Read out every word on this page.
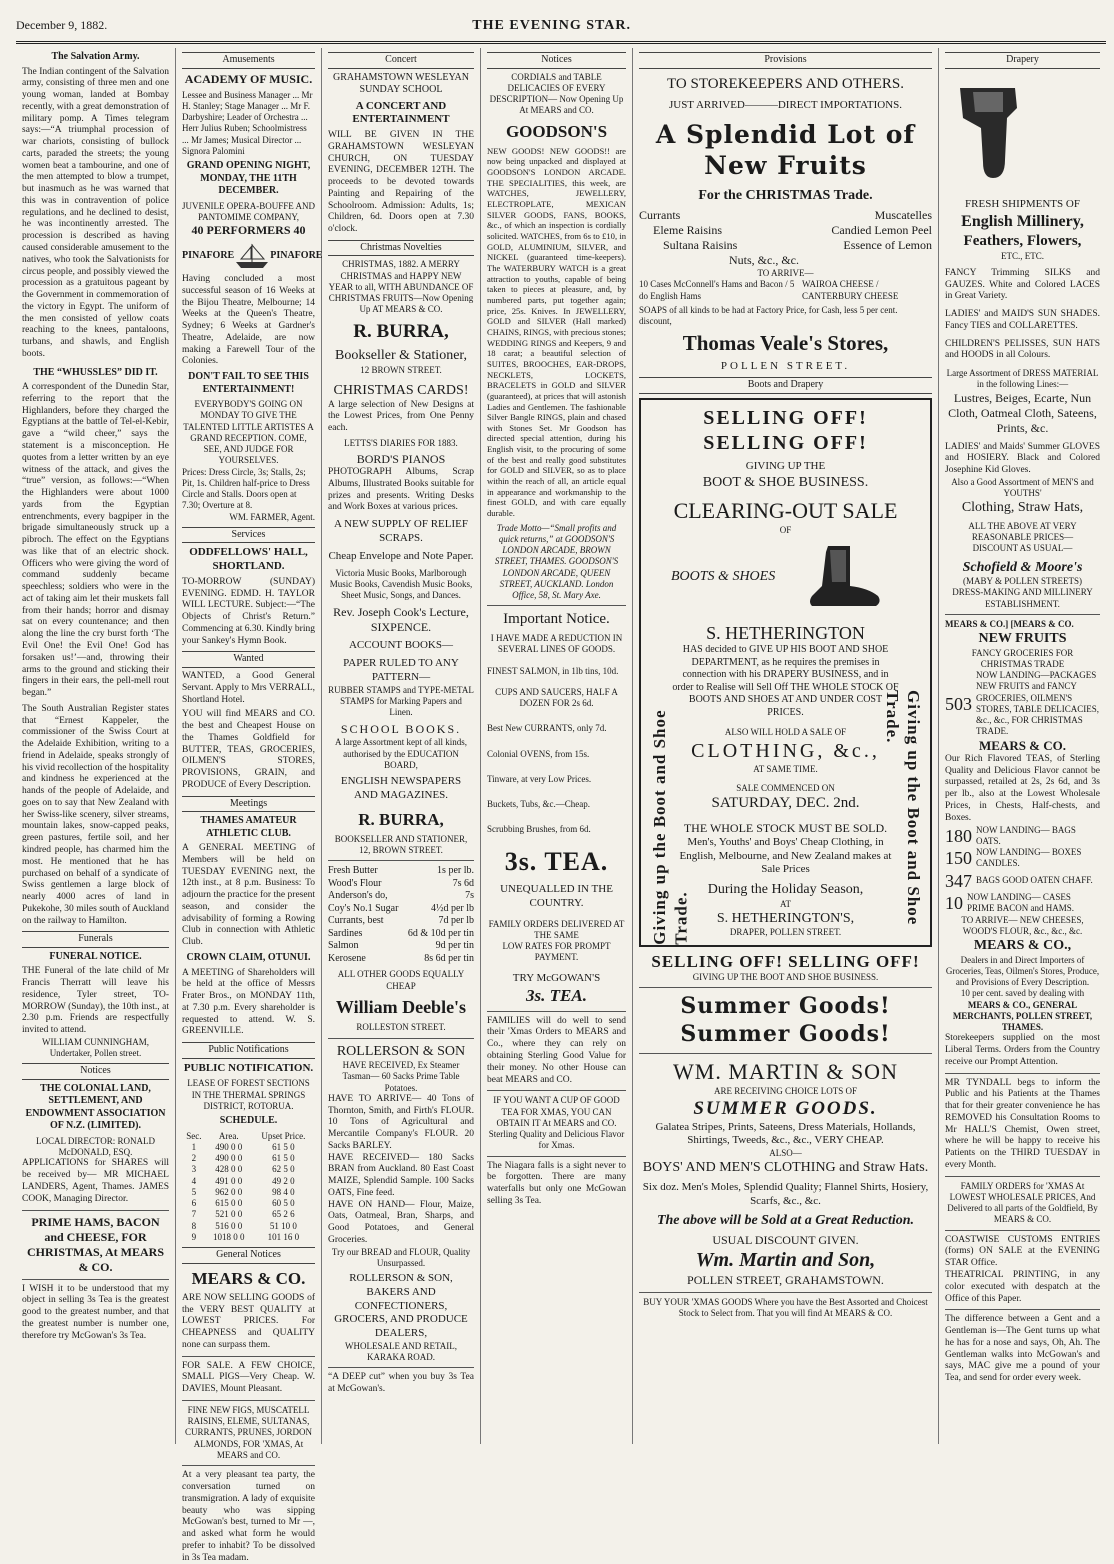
December 9, 1882.	THE EVENING STAR.
The Salvation Army.
The Indian contingent of the Salvation army, consisting of three men and one young woman, landed at Bombay recently, with a great demonstration of military pomp. A Times telegram says:—“A triumphal procession of war chariots, consisting of bullock carts, paraded the streets; the young women beat a tambourine, and one of the men attempted to blow a trumpet, but inasmuch as he was warned that this was in contravention of police regulations, and he declined to desist, he was incontinently arrested. The procession is described as having caused considerable amusement to the natives, who took the Salvationists for circus people, and possibly viewed the procession as a gratuitous pageant by the Government in commemoration of the victory in Egypt. The uniform of the men consisted of yellow coats reaching to the knees, pantaloons, turbans, and shawls, and English boots.
THE “WHUSSLES” DID IT.
A correspondent of the Dunedin Star, referring to the report that the Highlanders, before they charged the Egyptians at the battle of Tel-el-Kebir, gave a “wild cheer,” says the statement is a misconception. He quotes from a letter written by an eye witness of the attack, and gives the “true” version, as follows:—“When the Highlanders were about 1000 yards from the Egyptian entrenchments, every bagpiper in the brigade simultaneously struck up a pibroch. The effect on the Egyptians was like that of an electric shock. Officers who were giving the word of command suddenly became speechless; soldiers who were in the act of taking aim let their muskets fall from their hands; horror and dismay sat on every countenance; and then along the line the cry burst forth ‘The Evil One! the Evil One! God has forsaken us!’—and, throwing their arms to the ground and sticking their fingers in their ears, the pell-mell rout began.”
The South Australian Register states that “Ernest Kappeler, the commissioner of the Swiss Court at the Adelaide Exhibition, writing to a friend in Adelaide, speaks strongly of his vivid recollection of the hospitality and kindness he experienced at the hands of the people of Adelaide, and goes on to say that New Zealand with her Swiss-like scenery, silver streams, mountain lakes, snow-capped peaks, green pastures, fertile soil, and her kindred people, has charmed him the most. He mentioned that he has purchased on behalf of a syndicate of Swiss gentlemen a large block of nearly 4000 acres of land in Pukekohe, 30 miles south of Auckland on the railway to Hamilton.
Funerals
FUNERAL NOTICE.
THE Funeral of the late child of Mr Francis Therratt will leave his residence, Tyler street, TO-MORROW (Sunday), the 10th inst., at 2.30 p.m. Friends are respectfully invited to attend.
WILLIAM CUNNINGHAM, Undertaker, Pollen street.
Notices
THE COLONIAL LAND, SETTLEMENT, AND ENDOWMENT ASSOCIATION OF N.Z. (LIMITED).
LOCAL DIRECTOR: RONALD McDONALD, ESQ.
APPLICATIONS for SHARES will be received by— MR MICHAEL LANDERS, Agent, Thames. JAMES COOK, Managing Director.
PRIME HAMS, BACON and CHEESE, FOR CHRISTMAS, At MEARS & CO.
I WISH it to be understood that my object in selling 3s Tea is the greatest good to the greatest number, and that the greatest number is number one, therefore try McGowan's 3s Tea.
Amusements
ACADEMY OF MUSIC.
Lessee and Business Manager ... Mr H. Stanley; Stage Manager ... Mr F. Darbyshire; Leader of Orchestra ... Herr Julius Ruben; Schoolmistress ... Mr James; Musical Director ... Signora Palomini
GRAND OPENING NIGHT, MONDAY, THE 11TH DECEMBER.
JUVENILE OPERA-BOUFFE AND PANTOMIME COMPANY,
40 PERFORMERS 40
PINAFORE	PINAFORE
Having concluded a most successful season of 16 Weeks at the Bijou Theatre, Melbourne; 14 Weeks at the Queen's Theatre, Sydney; 6 Weeks at Gardner's Theatre, Adelaide, are now making a Farewell Tour of the Colonies.
DON'T FAIL TO SEE THIS ENTERTAINMENT!
EVERYBODY'S GOING ON MONDAY TO GIVE THE TALENTED LITTLE ARTISTES A GRAND RECEPTION. COME, SEE, AND JUDGE FOR YOURSELVES.
Prices: Dress Circle, 3s; Stalls, 2s; Pit, 1s. Children half-price to Dress Circle and Stalls. Doors open at 7.30; Overture at 8.
WM. FARMER, Agent.
Services
ODDFELLOWS' HALL, SHORTLAND.
TO-MORROW (SUNDAY) EVENING. EDMD. H. TAYLOR WILL LECTURE. Subject:—“The Objects of Christ's Return.” Commencing at 6.30. Kindly bring your Sankey's Hymn Book.
Wanted
WANTED, a Good General Servant. Apply to Mrs VERRALL, Shortland Hotel.
YOU will find MEARS and CO. the best and Cheapest House on the Thames Goldfield for BUTTER, TEAS, GROCERIES, OILMEN'S STORES, PROVISIONS, GRAIN, and PRODUCE of Every Description.
Meetings
THAMES AMATEUR ATHLETIC CLUB.
A GENERAL MEETING of Members will be held on TUESDAY EVENING next, the 12th inst., at 8 p.m. Business: To adjourn the practice for the present season, and consider the advisability of forming a Rowing Club in connection with Athletic Club.
CROWN CLAIM, OTUNUI.
A MEETING of Shareholders will be held at the office of Messrs Frater Bros., on MONDAY 11th, at 7.30 p.m. Every shareholder is requested to attend. W. S. GREENVILLE.
Public Notifications
PUBLIC NOTIFICATION.
LEASE OF FOREST SECTIONS IN THE THERMAL SPRINGS DISTRICT, ROTORUA.
SCHEDULE.
Sec.	Area.	Upset Price.
1	490 0 0	61 5 0
2	490 0 0	61 5 0
3	428 0 0	62 5 0
4	491 0 0	49 2 0
5	962 0 0	98 4 0
6	615 0 0	60 5 0
7	521 0 0	65 2 6
8	516 0 0	51 10 0
9	1018 0 0	101 16 0
General Notices
MEARS & CO.
ARE NOW SELLING GOODS of the VERY BEST QUALITY at LOWEST PRICES. For CHEAPNESS and QUALITY none can surpass them.
FOR SALE. A FEW CHOICE, SMALL PIGS—Very Cheap. W. DAVIES, Mount Pleasant.
FINE NEW FIGS, MUSCATELL RAISINS, ELEME, SULTANAS, CURRANTS, PRUNES, JORDON ALMONDS, FOR 'XMAS, At MEARS and CO.
At a very pleasant tea party, the conversation turned on transmigration. A lady of exquisite beauty who was sipping McGowan's best, turned to Mr —, and asked what form he would prefer to inhabit? To be dissolved in 3s Tea madam.
Concert
GRAHAMSTOWN WESLEYAN SUNDAY SCHOOL
A CONCERT AND ENTERTAINMENT
WILL BE GIVEN IN THE GRAHAMSTOWN WESLEYAN CHURCH, ON TUESDAY EVENING, DECEMBER 12TH. The proceeds to be devoted towards Painting and Repairing of the Schoolroom. Admission: Adults, 1s; Children, 6d. Doors open at 7.30 o'clock.
Christmas Novelties
CHRISTMAS, 1882. A MERRY CHRISTMAS and HAPPY NEW YEAR to all, WITH ABUNDANCE OF CHRISTMAS FRUITS—Now Opening Up AT MEARS & CO.
R. BURRA,
Bookseller & Stationer,
12 BROWN STREET.
CHRISTMAS CARDS!
A large selection of New Designs at the Lowest Prices, from One Penny each.
LETTS'S DIARIES FOR 1883.
BORD'S PIANOS
PHOTOGRAPH Albums, Scrap Albums, Illustrated Books suitable for prizes and presents. Writing Desks and Work Boxes at various prices.
A NEW SUPPLY OF RELIEF SCRAPS.
Cheap Envelope and Note Paper.
Victoria Music Books, Marlborough Music Books, Cavendish Music Books, Sheet Music, Songs, and Dances.
Rev. Joseph Cook's Lecture, SIXPENCE.
ACCOUNT BOOKS—
PAPER RULED TO ANY PATTERN—
RUBBER STAMPS and TYPE-METAL STAMPS for Marking Papers and Linen.
SCHOOL BOOKS.
A large Assortment kept of all kinds, authorised by the EDUCATION BOARD,
ENGLISH NEWSPAPERS AND MAGAZINES.
R. BURRA,
BOOKSELLER AND STATIONER, 12, BROWN STREET.
Fresh Butter	1s per lb.
Wood's Flour	7s 6d
Anderson's do,	7s
Coy's No.1 Sugar	4½d per lb
Currants, best	7d per lb
Sardines	6d & 10d per tin
Salmon	9d per tin
Kerosene	8s 6d per tin
ALL OTHER GOODS EQUALLY CHEAP
William Deeble's
ROLLESTON STREET.
ROLLERSON & SON
HAVE RECEIVED, Ex Steamer Tasman— 60 Sacks Prime Table Potatoes.
HAVE TO ARRIVE— 40 Tons of Thornton, Smith, and Firth's FLOUR. 10 Tons of Agricultural and Mercantile Company's FLOUR. 20 Sacks BARLEY.
HAVE RECEIVED— 180 Sacks BRAN from Auckland. 80 East Coast MAIZE, Splendid Sample. 100 Sacks OATS, Fine feed.
HAVE ON HAND— Flour, Maize, Oats, Oatmeal, Bran, Sharps, and Good Potatoes, and General Groceries.
Try our BREAD and FLOUR, Quality Unsurpassed.
ROLLERSON & SON, BAKERS AND CONFECTIONERS, GROCERS, AND PRODUCE DEALERS,
WHOLESALE AND RETAIL, KARAKA ROAD.
“A DEEP cut” when you buy 3s Tea at McGowan's.
Notices
CORDIALS and TABLE DELICACIES OF EVERY DESCRIPTION— Now Opening Up At MEARS and CO.
GOODSON'S
NEW GOODS! NEW GOODS!! are now being unpacked and displayed at GOODSON'S LONDON ARCADE. THE SPECIALITIES, this week, are WATCHES, JEWELLERY, ELECTROPLATE, MEXICAN SILVER GOODS, FANS, BOOKS, &c., of which an inspection is cordially solicited. WATCHES, from 6s to £10, in GOLD, ALUMINIUM, SILVER, and NICKEL (guaranteed time-keepers). The WATERBURY WATCH is a great attraction to youths, capable of being taken to pieces at pleasure, and, by numbered parts, put together again; price, 25s. Knives. In JEWELLERY, GOLD and SILVER (Hall marked) CHAINS, RINGS, with precious stones; WEDDING RINGS and Keepers, 9 and 18 carat; a beautiful selection of SUITES, BROOCHES, EAR-DROPS, NECKLETS, LOCKETS, BRACELETS in GOLD and SILVER (guaranteed), at prices that will astonish Ladies and Gentlemen. The fashionable Silver Bangle RINGS, plain and chased with Stones Set. Mr Goodson has directed special attention, during his English visit, to the procuring of some of the best and really good substitutes for GOLD and SILVER, so as to place within the reach of all, an article equal in appearance and workmanship to the finest GOLD, and with care equally durable.
Trade Motto—“Small profits and quick returns,” at GOODSON'S LONDON ARCADE, BROWN STREET, THAMES. GOODSON'S LONDON ARCADE, QUEEN STREET, AUCKLAND. London Office, 58, St. Mary Axe.
Important Notice.
I HAVE MADE A REDUCTION IN SEVERAL LINES OF GOODS.
FINEST SALMON, in 1lb tins, 10d.
CUPS AND SAUCERS, HALF A DOZEN FOR 2s 6d.
Best New CURRANTS, only 7d.
Colonial OVENS, from 15s.
Tinware, at very Low Prices.
Buckets, Tubs, &c.—Cheap.
Scrubbing Brushes, from 6d.
3s. TEA.
UNEQUALLED IN THE COUNTRY.
FAMILY ORDERS DELIVERED AT THE SAME
LOW RATES FOR PROMPT PAYMENT.
TRY McGOWAN'S
3s. TEA.
FAMILIES will do well to send their 'Xmas Orders to MEARS and Co., where they can rely on obtaining Sterling Good Value for their money. No other House can beat MEARS and CO.
IF YOU WANT A CUP OF GOOD TEA FOR XMAS, YOU CAN OBTAIN IT At MEARS and CO. Sterling Quality and Delicious Flavor for Xmas.
The Niagara falls is a sight never to be forgotten. There are many waterfalls but only one McGowan selling 3s Tea.
Provisions
TO STOREKEEPERS AND OTHERS.
JUST ARRIVED———DIRECT IMPORTATIONS.
A Splendid Lot of New Fruits
For the CHRISTMAS Trade.
Currants
Eleme Raisins
Sultana Raisins
Nuts, &c., &c.
Muscatelles
Candied Lemon Peel
Essence of Lemon
TO ARRIVE—
10 Cases McConnell's Hams and Bacon / 5 do English Hams
WAIROA CHEESE / CANTERBURY CHEESE
SOAPS of all kinds to be had at Factory Price, for Cash, less 5 per cent. discount,
Thomas Veale's Stores,
POLLEN STREET.
Boots and Drapery
Giving up the Boot and Shoe Trade.	Giving up the Boot and Shoe Trade.
SELLING OFF!
SELLING OFF!
GIVING UP THE
BOOT & SHOE BUSINESS.
CLEARING-OUT SALE
OF
BOOTS & SHOES
S. HETHERINGTON
HAS decided to GIVE UP HIS BOOT AND SHOE DEPARTMENT, as he requires the premises in connection with his DRAPERY BUSINESS, and in order to Realise will Sell Off THE WHOLE STOCK OF BOOTS AND SHOES AT AND UNDER COST PRICES.
ALSO WILL HOLD A SALE OF
CLOTHING, &c.,
AT SAME TIME.
SALE COMMENCED ON
SATURDAY, DEC. 2nd.
THE WHOLE STOCK MUST BE SOLD.
Men's, Youths' and Boys' Cheap Clothing, in English, Melbourne, and New Zealand makes at Sale Prices
During the Holiday Season,
AT
S. HETHERINGTON'S,
DRAPER, POLLEN STREET.
SELLING OFF! SELLING OFF!
GIVING UP THE BOOT AND SHOE BUSINESS.
Summer Goods! Summer Goods!
WM. MARTIN & SON
ARE RECEIVING CHOICE LOTS OF
SUMMER GOODS.
Galatea Stripes, Prints, Sateens, Dress Materials, Hollands, Shirtings, Tweeds, &c., &c., VERY CHEAP.
ALSO—
BOYS' AND MEN'S CLOTHING and Straw Hats.
Six doz. Men's Moles, Splendid Quality; Flannel Shirts, Hosiery, Scarfs, &c., &c.
The above will be Sold at a Great Reduction.
USUAL DISCOUNT GIVEN.
Wm. Martin and Son,
POLLEN STREET, GRAHAMSTOWN.
BUY YOUR 'XMAS GOODS Where you have the Best Assorted and Choicest Stock to Select from. That you will find At MEARS & CO.
Drapery
FRESH SHIPMENTS OF
English Millinery,
Feathers, Flowers,
ETC., ETC.
FANCY Trimming SILKS and GAUZES. White and Colored LACES in Great Variety.
LADIES' and MAID'S SUN SHADES. Fancy TIES and COLLARETTES.
CHILDREN'S PELISSES, SUN HATS and HOODS in all Colours.
Large Assortment of DRESS MATERIAL in the following Lines:—
Lustres, Beiges, Ecarte, Nun Cloth, Oatmeal Cloth, Sateens, Prints, &c.
LADIES' and Maids' Summer GLOVES and HOSIERY. Black and Colored Josephine Kid Gloves.
Also a Good Assortment of MEN'S and YOUTHS'
Clothing, Straw Hats,
ALL THE ABOVE AT VERY REASONABLE PRICES—
DISCOUNT AS USUAL—
Schofield & Moore's
(MABY & POLLEN STREETS)
DRESS-MAKING AND MILLINERY ESTABLISHMENT.
MEARS & CO.] [MEARS & CO.
NEW FRUITS
FANCY GROCERIES FOR CHRISTMAS TRADE
503
NOW LANDING—PACKAGES NEW FRUITS and FANCY GROCERIES, OILMEN'S STORES, TABLE DELICACIES, &c., &c., FOR CHRISTMAS TRADE.
MEARS & CO.
Our Rich Flavored TEAS, of Sterling Quality and Delicious Flavor cannot be surpassed, retailed at 2s, 2s 6d, and 3s per lb., also at the Lowest Wholesale Prices, in Chests, Half-chests, and Boxes.
180 NOW LANDING— BAGS OATS.
150 NOW LANDING— BOXES CANDLES.
347 BAGS GOOD OATEN CHAFF.
10 NOW LANDING— CASES PRIME BACON and HAMS.
TO ARRIVE— NEW CHEESES, WOOD'S FLOUR, &c., &c., &c.
MEARS & CO.,
Dealers in and Direct Importers of Groceries, Teas, Oilmen's Stores, Produce, and Provisions of Every Description.
10 per cent. saved by dealing with
MEARS & CO., GENERAL MERCHANTS, POLLEN STREET, THAMES.
Storekeepers supplied on the most Liberal Terms. Orders from the Country receive our Prompt Attention.
MR TYNDALL begs to inform the Public and his Patients at the Thames that for their greater convenience he has REMOVED his Consultation Rooms to Mr HALL'S Chemist, Owen street, where he will be happy to receive his Patients on the THIRD TUESDAY in every Month.
FAMILY ORDERS for 'XMAS At LOWEST WHOLESALE PRICES, And Delivered to all parts of the Goldfield, By MEARS & CO.
COASTWISE CUSTOMS ENTRIES (forms) ON SALE at the EVENING STAR Office.
THEATRICAL PRINTING, in any color executed with despatch at the Office of this Paper.
The difference between a Gent and a Gentleman is—The Gent turns up what he has for a nose and says, Oh, Ah. The Gentleman walks into McGowan's and says, MAC give me a pound of your Tea, and send for order every week.
